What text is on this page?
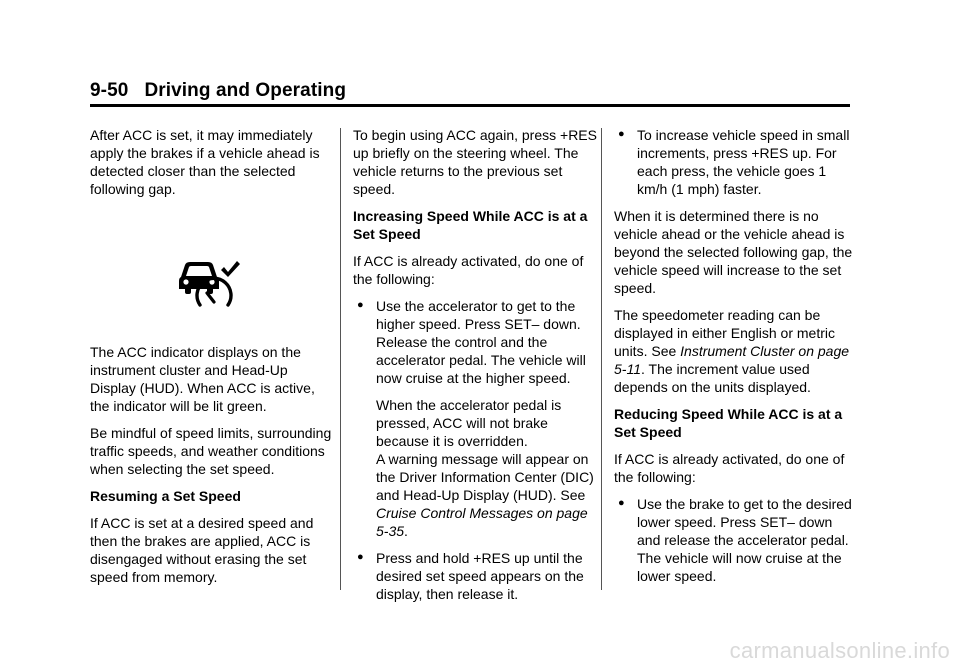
9-50 Driving and Operating

After ACC is set, it may immediately apply the brakes if a vehicle ahead is detected closer than the selected following gap.

The ACC indicator displays on the instrument cluster and Head-Up Display (HUD). When ACC is active, the indicator will be lit green.

Be mindful of speed limits, surrounding traffic speeds, and weather conditions when selecting the set speed.

Resuming a Set Speed

If ACC is set at a desired speed and then the brakes are applied, ACC is disengaged without erasing the set speed from memory.

To begin using ACC again, press +RES up briefly on the steering wheel. The vehicle returns to the previous set speed.

Increasing Speed While ACC is at a Set Speed

If ACC is already activated, do one of the following:

● Use the accelerator to get to the higher speed. Press SET– down. Release the control and the accelerator pedal. The vehicle will now cruise at the higher speed.

When the accelerator pedal is pressed, ACC will not brake because it is overridden.
A warning message will appear on the Driver Information Center (DIC) and Head-Up Display (HUD). See Cruise Control Messages on page 5-35.

● Press and hold +RES up until the desired set speed appears on the display, then release it.

● To increase vehicle speed in small increments, press +RES up. For each press, the vehicle goes 1 km/h (1 mph) faster.

When it is determined there is no vehicle ahead or the vehicle ahead is beyond the selected following gap, the vehicle speed will increase to the set speed.

The speedometer reading can be displayed in either English or metric units. See Instrument Cluster on page 5-11. The increment value used depends on the units displayed.

Reducing Speed While ACC is at a Set Speed

If ACC is already activated, do one of the following:

● Use the brake to get to the desired lower speed. Press SET– down and release the accelerator pedal. The vehicle will now cruise at the lower speed.

carmanualsonline.info
